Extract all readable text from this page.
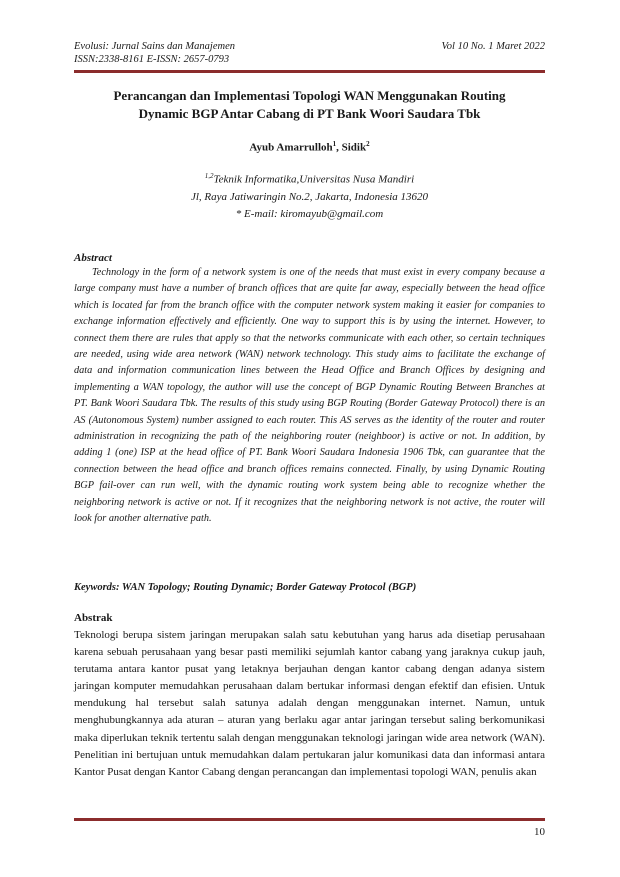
Evolusi: Jurnal Sains dan Manajemen
ISSN:2338-8161 E-ISSN: 2657-0793
Vol 10 No. 1 Maret 2022
Perancangan dan Implementasi Topologi WAN Menggunakan Routing
Dynamic BGP Antar Cabang di PT Bank Woori Saudara Tbk
Ayub Amarrulloh$^1$, Sidik$^2$
$^{1,2}$Teknik Informatika,Universitas Nusa Mandiri
Jl, Raya Jatiwaringin No.2, Jakarta, Indonesia 13620
* E-mail: kiromayub@gmail.com
Abstract
Technology in the form of a network system is one of the needs that must exist in every company because a large company must have a number of branch offices that are quite far away, especially between the head office which is located far from the branch office with the computer network system making it easier for companies to exchange information effectively and efficiently. One way to support this is by using the internet. However, to connect them there are rules that apply so that the networks communicate with each other, so certain techniques are needed, using wide area network (WAN) network technology. This study aims to facilitate the exchange of data and information communication lines between the Head Office and Branch Offices by designing and implementing a WAN topology, the author will use the concept of BGP Dynamic Routing Between Branches at PT. Bank Woori Saudara Tbk. The results of this study using BGP Routing (Border Gateway Protocol) there is an AS (Autonomous System) number assigned to each router. This AS serves as the identity of the router and router administration in recognizing the path of the neighboring router (neighboor) is active or not. In addition, by adding 1 (one) ISP at the head office of PT. Bank Woori Saudara Indonesia 1906 Tbk, can guarantee that the connection between the head office and branch offices remains connected. Finally, by using Dynamic Routing BGP fail-over can run well, with the dynamic routing work system being able to recognize whether the neighboring network is active or not. If it recognizes that the neighboring network is not active, the router will look for another alternative path.
Keywords: WAN Topology; Routing Dynamic; Border Gateway Protocol (BGP)
Abstrak
Teknologi berupa sistem jaringan merupakan salah satu kebutuhan yang harus ada disetiap perusahaan karena sebuah perusahaan yang besar pasti memiliki sejumlah kantor cabang yang jaraknya cukup jauh, terutama antara kantor pusat yang letaknya berjauhan dengan kantor cabang dengan adanya sistem jaringan komputer memudahkan perusahaan dalam bertukar informasi dengan efektif dan efisien. Untuk mendukung hal tersebut salah satunya adalah dengan menggunakan internet. Namun, untuk menghubungkannya ada aturan – aturan yang berlaku agar antar jaringan tersebut saling berkomunikasi maka diperlukan teknik tertentu salah dengan menggunakan teknologi jaringan wide area network (WAN). Penelitian ini bertujuan untuk memudahkan dalam pertukaran jalur komunikasi data dan informasi antara Kantor Pusat dengan Kantor Cabang dengan perancangan dan implementasi topologi WAN, penulis akan
10
